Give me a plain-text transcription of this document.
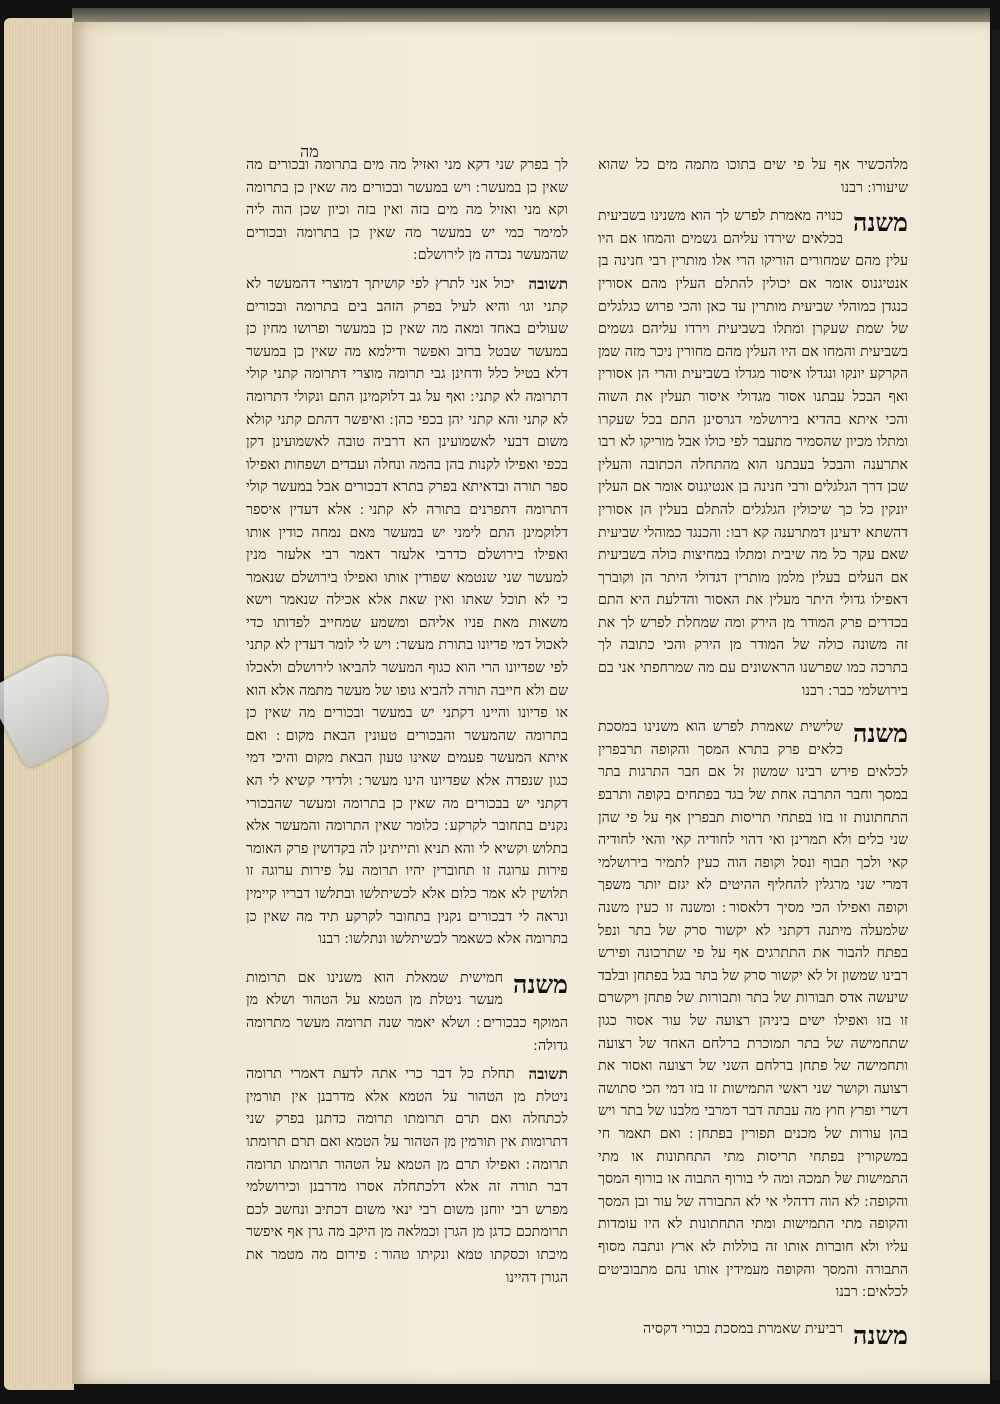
מה

מלהכשיר אף על פי שים בתוכו מתמה מים כל שהוא שיעורו ׃ רבנו

משנה
כנויה מאמרת לפרש לך הוא משנינו בשביעית בכלאים שירדו עליהם גשמים והמחו אם היו עלין מהם שמחורים הוריקו הרי אלו מותרין רבי חנינה בן אנטיגנוס אומר אם יכולין להתלם העלין מהם אסורין כנגדן כמוהלי שביעית מותרין עד כאן והכי פרוש כגלגלים של שמת שעקרן ומתלו בשביעית וירדו עליהם גשמים בשביעית והמחו אם היו העלין מהם מחורין ניכר מזה שמן הקרקע יונקו ונגדלו איסור מגדלו בשביעית והרי הן אסורין ואף הבכל עבתנו אסור מגדולי איסור תעלין את השוה והכי איתא בהדיא בירושלמי דגרסינן התם בכל שעקרו ומתלו מכיון שהסמיר מתעבר לפי כולו אבל מוריקו לא רבו אתרענה והבכל בעבתנו הוא מהתחלה הכתובה והעלין שכן דרך הגלגלים ורבי חנינה בן אנטיגנוס אומר אם העלין יונקין כל כך שיכולין הגלגלים להתלם בעלין הן אסורין דהשתא ידעינן דמתרענה קא רבו ׃ והכנגד כמוהלי שביעית שאם עקר כל מה שיבית ומתלו במחיצות כולה בשביעית אם העלים בעלין מלמן מותרין דגדולי היתר הן וקוברך דאפילו גדולי היתר מעלין את האסור והדלעת היא התם בכדרים פרק המודר מן הירק ומה שמחלת לפרש לך את זה משונה כולה של המודר מן הירק והכי כתובה לך בתרכה כמו שפרשנו הראשונים עם מה שמרחפתי אני בם בירושלמי כבר ׃ רבנו
משנה
שלישית שאמרת לפרש הוא משנינו במסכת כלאים פרק בתרא המסך והקופה תרבפרין לכלאים פירש רבינו שמשון זל אם חבר התרגות בתר במסך וחבר התרבה אחת של בגד בפתחים בקופה ותרבפ התחתונות זו בזו בפתחי תריסות תבפרין אף על פי שהן שני כלים ולא תמרינן ואי דהוי לחודיה קאי והאי לחודיה קאי ולכך תבוף ונסל וקופה הוה כעין לתמיר בירושלמי דמרי שני מרגלין להחליף ההיטים לא יגזם יותר משפך וקופה ואפילו הכי מסיך דלאסור ׃ ומשנה זו כעין משנה שלמעלה מיתנה דקתני לא יקשור סרק של בתר ונפל בפתח להבור את התתרגים אף על פי שתרכונה ופירש רבינו שמשון זל לא יקשור סרק של בתר בגל בפתחן ובלבד שיעשה אדס תבורות של בתר ותבורות של פתחן ויקשרם זו בזו ואפילו ישים ביניהן רצועה של עור אסור כגון שתחמישה של בתר תמוכרת ברלחם האחד של רצועה ותחמישה של פתחן ברלחם השני של רצועה ואסור את רצועה וקושר שני ראשי התמישות זו בזו דמי הכי סתושה דשרי ופרץ חוץ מה עבתה דבר דמרבי מלבנו של בתר ויש בהן עורות של מכנים תפורין בפתחן ׃ ואם תאמר חי במשקורין בפתחי תריסות מתי התחתונות או מתי התמישות של תמכה ומה לי בורוף התבוה או בורוף המסך והקופה ׃ לא הוה דדהלי אי לא התבורה של עור ובן המסך והקופה מתי התמישות ומתי התחתונות לא היו עומדות עליו ולא חוברות אותו זה בוללות לא ארץ ונתבה מסוף התבורה והמסך והקופה מעמידין אותו נהם מתבוביטים לכלאים ׃ רבנו
משנה
רביעית שאמרת במסכת בכורי דקסיה

לך בפרק שני דקא מני ואזיל מה מים בתרומה ובכורים מה שאין כן במעשר ׃ ויש במעשר ובכורים מה שאין כן בתרומה וקא מני ואזיל מה מים בזה ואין בזה וכיון שכן הוה ליה למימר כמי יש במעשר מה שאין כן בתרומה ובכורים שהמעשר נכדה מן לירושלם ׃

תשובה
יכול אני לתרץ לפי קושיתך דמוצרי דהמעשר לא קתני וגו׳ והיא לעיל בפרק הזהב בים בתרומה ובכורים שעולים באחד ומאה מה שאין כן במעשר ופרושו מחין כן במעשר שבטל ברוב ואפשר ודילמא מה שאין כן במעשר דלא בטיל כלל ודחינן גבי תרומה מוצרי דתרומה קתני קולי דתרומה לא קתני ׃ ואף על גב דלוקמינן התם ונקולי דתרומה לא קתני והא קתני יהן בכפי כהן ׃ ואיפשר דהתם קתני קולא משום דבעי לאשמועינן הא דרביה טובה לאשמועינן דקן בכפי ואפילו לקנות בהן בהמה ונחלה ועבדים ושפחות ואפילו ספר תורה ובדאיתא בפרק בתרא דבכורים אבל במעשר קולי דתרומה דתפרנים בתורה לא קתני ׃ אלא דעדין איספר דלוקמינן התם לימני יש במעשר מאם נמחה כודין אותו ואפילו בירושלם כדרבי אלעזר דאמר רבי אלעזר מנין למעשר שני שנטמא שפודין אותו ואפילו בירושלם שנאמר כי לא תוכל שאתו ואין שאת אלא אכילה שנאמר וישא משאות מאת פניו אליהם ומשמע שמחייב לפדותו כדי לאכול דמי פדיונו בתורת מעשר ׃ ויש לי לומר דעדין לא קתני לפי שפדיונו הרי הוא כגוף המעשר להביאו לירושלם ולאכלו שם ולא חייבה תורה להביא גופו של מעשר מתמה אלא הוא או פדיונו והיינו דקתני יש במעשר ובכורים מה שאין כן בתרומה שהמעשר והבכורים טעונין הבאת מקום ׃ ואם איתא המעשר פעמים שאינו טעון הבאת מקום והיכי דמי כגון שנפדה אלא שפדיונו הינו מעשר ׃ ולדידי קשיא לי הא דקתני יש בבכורים מה שאין כן בתרומה ומעשר שהבכורי נקנים בתחובר לקרקע ׃ כלומר שאין התרומה והמעשר אלא בתלוש וקשיא לי והא תניא ותייתינן לה בקדושין פרק האומר פירות ערוגה זו תחוברין יהיו תרומה על פירות ערוגה זו תלושין לא אמר כלום אלא לכשיתלשו ובתלשו דבריו קיימין ונראה לי דבכורים נקנין בתחובר לקרקע תיד מה שאין כן בתרומה אלא כשאמר לכשיתלשו ונתלשו ׃ רבנו
משנה
חמישית שמאלת הוא משנינו אם תרומות מעשר ניטלת מן הטמא על הטהור ושלא מן המוקף כבכורים ׃ ושלא יאמר שנה תרומה מעשר מתרומה גדולה ׃
תשובה
תחלת כל דבר כרי אתה לדעת דאמרי תרומה ניטלת מן הטהור על הטמא אלא מדרבנן אין תורמין לכתחלה ואם תרם תרומתו תרומה כדתנן בפרק שני דתרומות אין תורמין מן הטהור על הטמא ואם תרם תרומתו תרומה ׃ ואפילו תרם מן הטמא על הטהור תרומתו תרומה דבר תורה זה אלא דלכתחלה אסרו מדרבנן וכירושלמי מפרש רבי יוחנן משום רבי ינאי משום דכתיב ונחשב לכם תרומתכם כדגן מן הגרן וכמלאה מן היקב מה גרן אף איפשר מיכתו וכסקתו טמא ונקיתו טהור ׃ פירום מה מטמר את הגורן דהיינו
